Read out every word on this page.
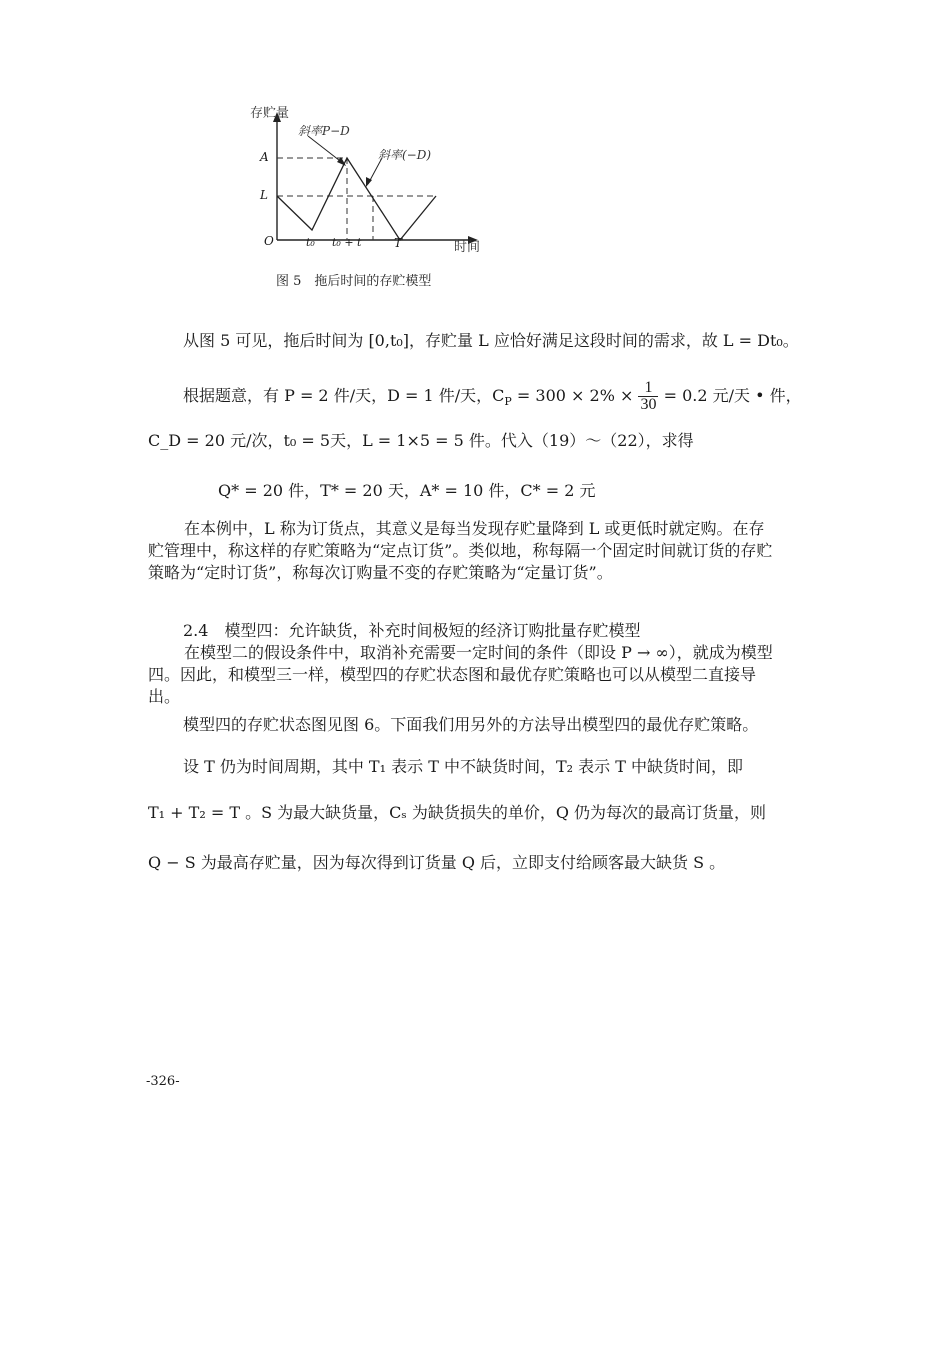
存贮量
斜率P−D
斜率(−D)
A
L
O	t₀ t₀ + t	T	时间
图 5　拖后时间的存贮模型
从图 5 可见，拖后时间为 [0,t₀]，存贮量 L 应恰好满足这段时间的需求，故 L = Dt₀。
根据题意，有 P = 2 件/天，D = 1 件/天，$C_P = 300 \times 2\% \times \frac{1}{30} = 0.2$ 元/天 • 件，
C_D = 20 元/次，t₀ = 5天，L = 1×5 = 5 件。代入（19）～（22），求得
Q* = 20 件，T* = 20 天，A* = 10 件，C* = 2 元
在本例中，L 称为订货点，其意义是每当发现存贮量降到 L 或更低时就定购。在存贮管理中，称这样的存贮策略为“定点订货”。类似地，称每隔一个固定时间就订货的存贮策略为“定时订货”，称每次订购量不变的存贮策略为“定量订货”。
2.4　模型四：允许缺货，补充时间极短的经济订购批量存贮模型
在模型二的假设条件中，取消补充需要一定时间的条件（即设 P → ∞），就成为模型四。因此，和模型三一样，模型四的存贮状态图和最优存贮策略也可以从模型二直接导出。
模型四的存贮状态图见图 6。下面我们用另外的方法导出模型四的最优存贮策略。
设 T 仍为时间周期，其中 T₁ 表示 T 中不缺货时间，T₂ 表示 T 中缺货时间，即
T₁ + T₂ = T 。S 为最大缺货量，Cₛ 为缺货损失的单价，Q 仍为每次的最高订货量，则
Q − S 为最高存贮量，因为每次得到订货量 Q 后，立即支付给顾客最大缺货 S 。
-326-
